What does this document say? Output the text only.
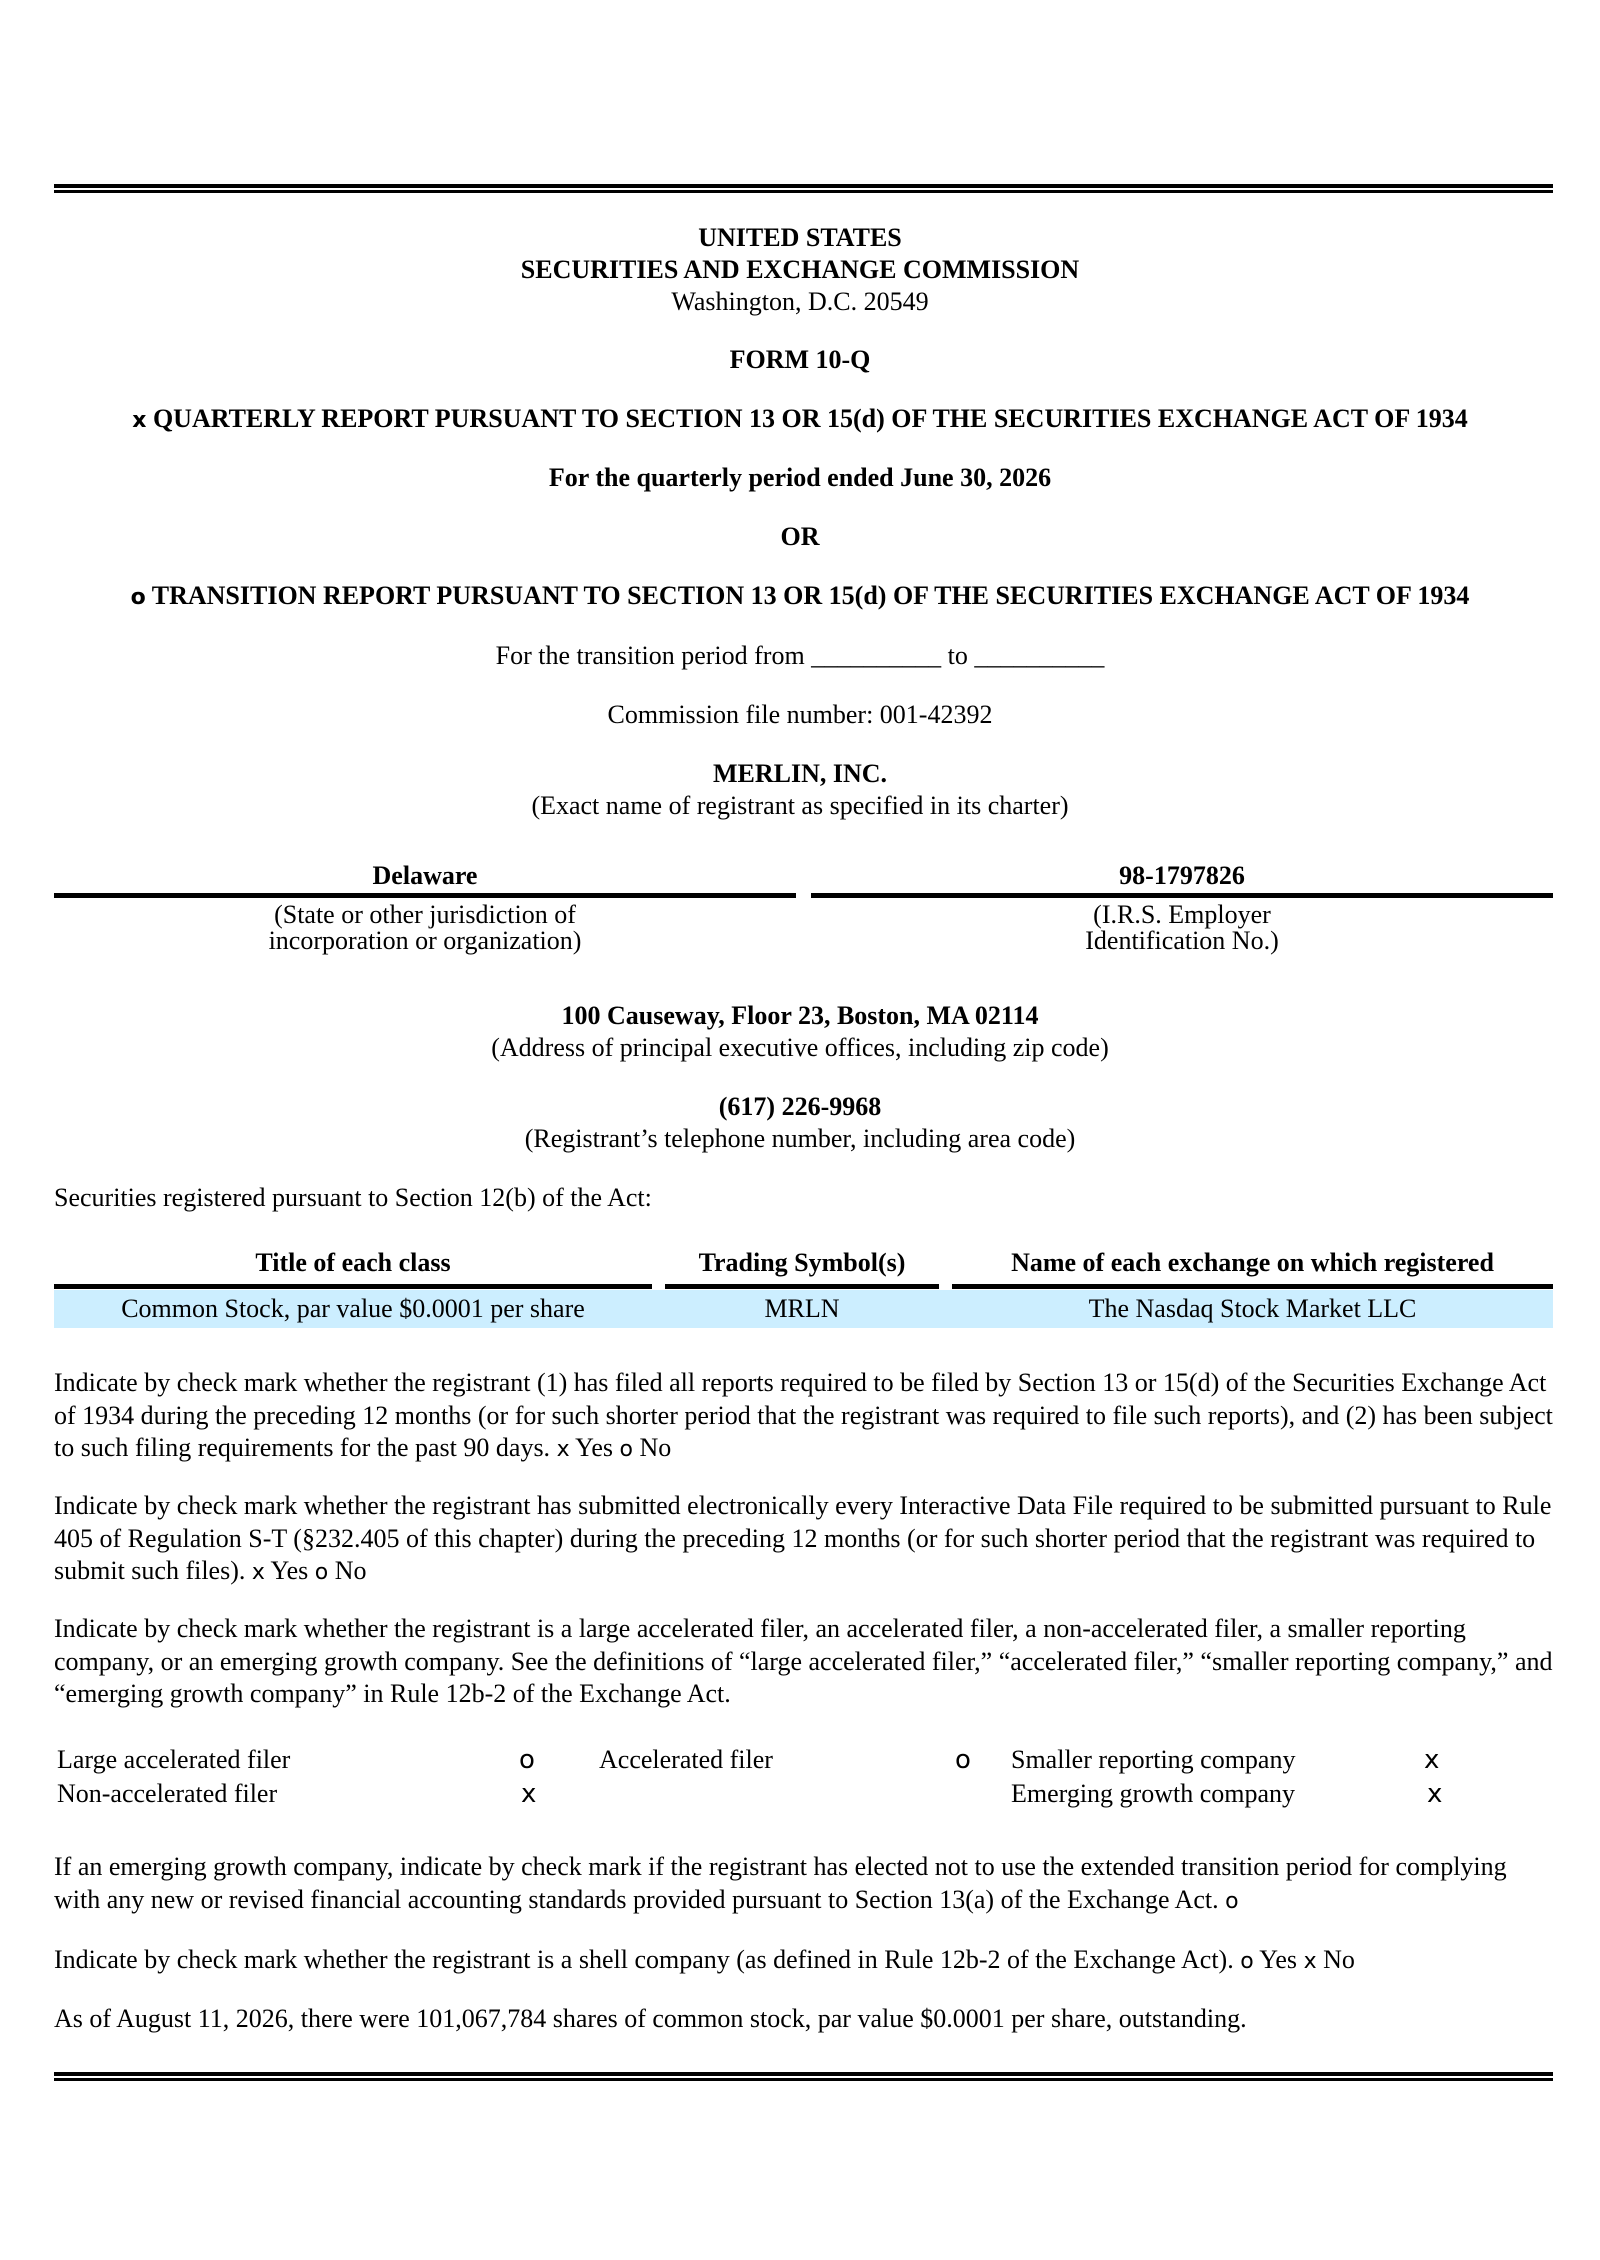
UNITED STATES
SECURITIES AND EXCHANGE COMMISSION
Washington, D.C. 20549
FORM 10-Q
x QUARTERLY REPORT PURSUANT TO SECTION 13 OR 15(d) OF THE SECURITIES EXCHANGE ACT OF 1934
For the quarterly period ended June 30, 2026
OR
o TRANSITION REPORT PURSUANT TO SECTION 13 OR 15(d) OF THE SECURITIES EXCHANGE ACT OF 1934
For the transition period from __________ to __________
Commission file number: 001-42392
MERLIN, INC.
(Exact name of registrant as specified in its charter)
Delaware
(State or other jurisdiction of
incorporation or organization)
98-1797826
(I.R.S. Employer
Identification No.)
100 Causeway, Floor 23, Boston, MA 02114
(Address of principal executive offices, including zip code)
(617) 226-9968
(Registrant’s telephone number, including area code)
Securities registered pursuant to Section 12(b) of the Act:
Title of each class	Trading Symbol(s)	Name of each exchange on which registered
Common Stock, par value $0.0001 per share	MRLN	The Nasdaq Stock Market LLC
Indicate by check mark whether the registrant (1) has filed all reports required to be filed by Section 13 or 15(d) of the Securities Exchange Act of 1934 during the preceding 12 months (or for such shorter period that the registrant was required to file such reports), and (2) has been subject to such filing requirements for the past 90 days. x Yes o No
Indicate by check mark whether the registrant has submitted electronically every Interactive Data File required to be submitted pursuant to Rule 405 of Regulation S-T (§232.405 of this chapter) during the preceding 12 months (or for such shorter period that the registrant was required to submit such files). x Yes o No
Indicate by check mark whether the registrant is a large accelerated filer, an accelerated filer, a non-accelerated filer, a smaller reporting company, or an emerging growth company. See the definitions of “large accelerated filer,” “accelerated filer,” “smaller reporting company,” and “emerging growth company” in Rule 12b-2 of the Exchange Act.
Large accelerated filer	o Accelerated filer	o Smaller reporting company	x
Non-accelerated filer	x	Emerging growth company	x
If an emerging growth company, indicate by check mark if the registrant has elected not to use the extended transition period for complying with any new or revised financial accounting standards provided pursuant to Section 13(a) of the Exchange Act. o
Indicate by check mark whether the registrant is a shell company (as defined in Rule 12b-2 of the Exchange Act). o Yes x No
As of August 11, 2026, there were 101,067,784 shares of common stock, par value $0.0001 per share, outstanding.
